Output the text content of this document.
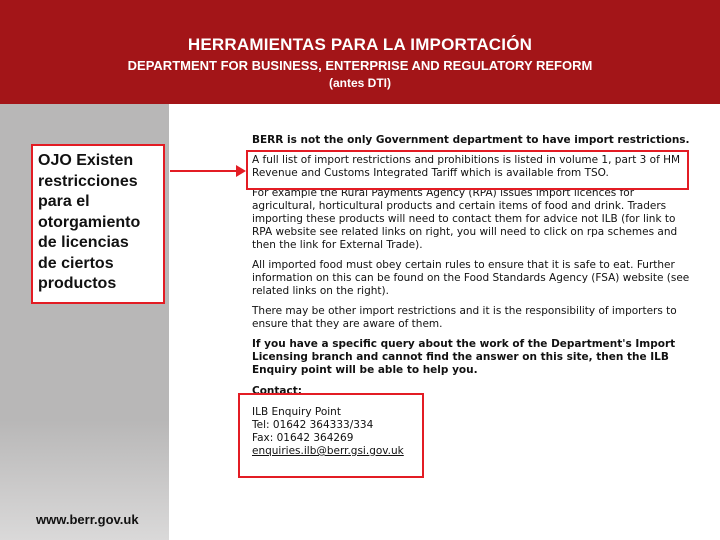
HERRAMIENTAS PARA LA IMPORTACIÓN
DEPARTMENT FOR BUSINESS, ENTERPRISE AND REGULATORY REFORM
(antes DTI)
OJO Existen
restricciones
para el
otorgamiento
de licencias
de ciertos
productos

BERR is not the only Government department to have import restrictions.

A full list of import restrictions and prohibitions is listed in volume 1, part 3 of HM Revenue and Customs Integrated Tariff which is available from TSO.

For example the Rural Payments Agency (RPA) issues import licences for agricultural, horticultural products and certain items of food and drink. Traders importing these products will need to contact them for advice not ILB (for link to RPA website see related links on right, you will need to click on rpa schemes and then the link for External Trade).

All imported food must obey certain rules to ensure that it is safe to eat. Further information on this can be found on the Food Standards Agency (FSA) website (see related links on the right).

There may be other import restrictions and it is the responsibility of importers to ensure that they are aware of them.

If you have a specific query about the work of the Department's Import Licensing branch and cannot find the answer on this site, then the ILB Enquiry point will be able to help you.

Contact:
ILB Enquiry Point
Tel: 01642 364333/334
Fax: 01642 364269
enquiries.ilb@berr.gsi.gov.uk
www.berr.gov.uk
